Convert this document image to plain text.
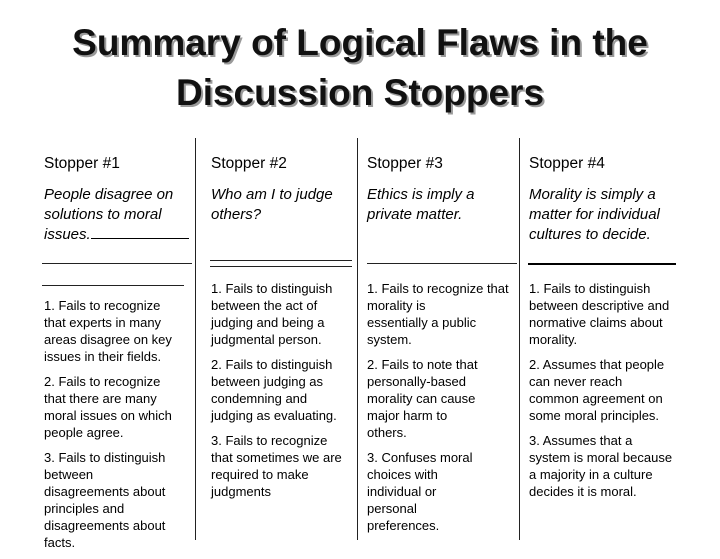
Summary of Logical Flaws in the
Discussion Stoppers
Stopper #1
People disagree on
solutions to moral
issues.
1. Fails to recognize
that experts in many
areas disagree on key
issues in their fields.
2. Fails to recognize
that there are many
moral issues on which
people agree.
3. Fails to distinguish
between
disagreements about
principles and
disagreements about
facts.
Stopper #2
Who am I to judge
others?
1. Fails to distinguish
between the act of
judging and being a
judgmental person.
2. Fails to distinguish
between judging as
condemning and
judging as evaluating.
3. Fails to recognize
that sometimes we are
required to make
judgments
Stopper #3
Ethics is imply a
private matter.
1. Fails to recognize that
morality is
essentially a public
system.
2. Fails to note that
personally-based
morality can cause
major harm to
others.
3. Confuses moral
choices with
individual or
personal
preferences.
Stopper #4
Morality is simply a
matter for individual
cultures to decide.
1. Fails to distinguish
between descriptive and
normative claims about
morality.
2. Assumes that people
can never reach
common agreement on
some moral principles.
3. Assumes that a
system is moral because
a majority in a culture
decides it is moral.
